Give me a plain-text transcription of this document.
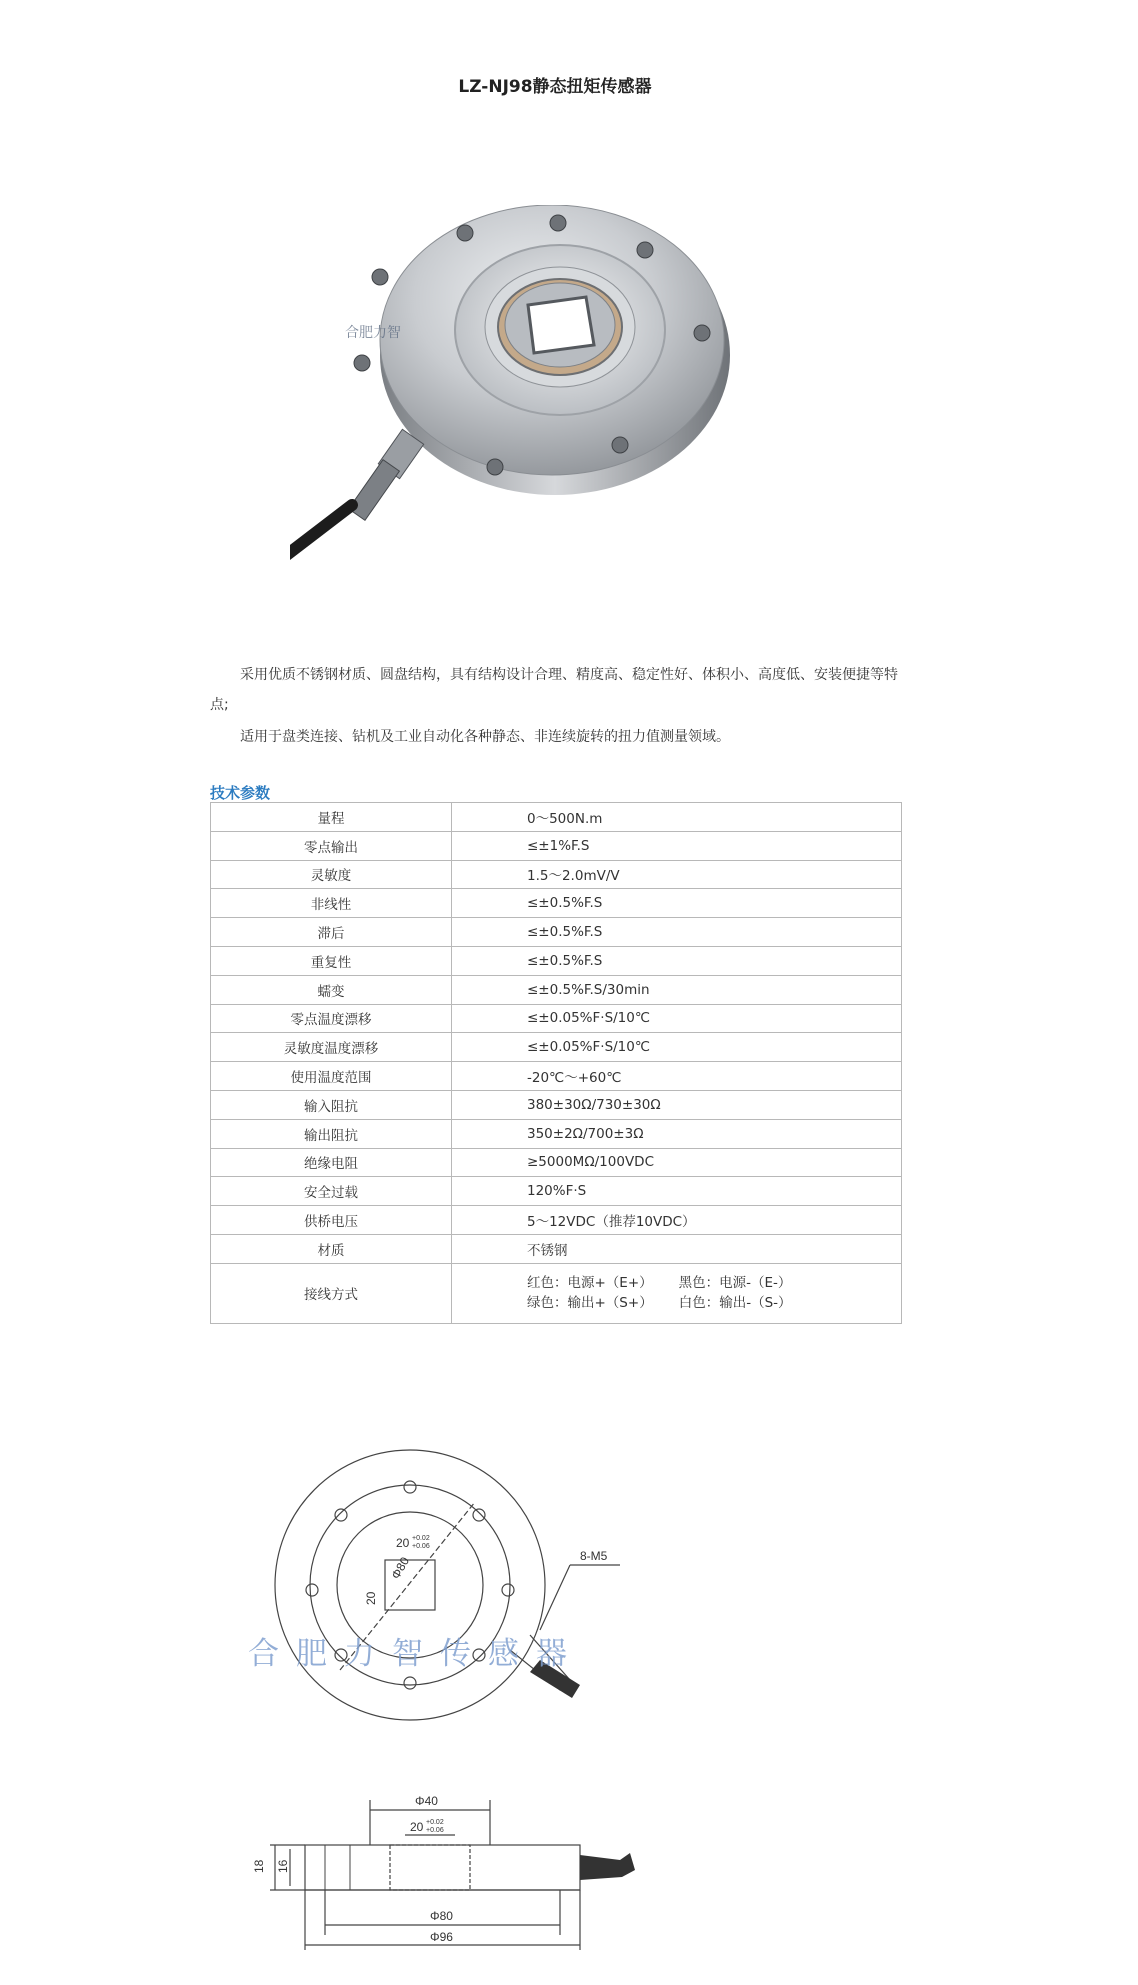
LZ-NJ98静态扭矩传感器
合肥力智
采用优质不锈钢材质、圆盘结构，具有结构设计合理、精度高、稳定性好、体积小、高度低、安装便捷等特点;
适用于盘类连接、钻机及工业自动化各种静态、非连续旋转的扭力值测量领域。
技术参数
量程	0～500N.m
零点输出	≤±1%F.S
灵敏度	1.5～2.0mV/V
非线性	≤±0.5%F.S
滞后	≤±0.5%F.S
重复性	≤±0.5%F.S
蠕变	≤±0.5%F.S/30min
零点温度漂移	≤±0.05%F·S/10℃
灵敏度温度漂移	≤±0.05%F·S/10℃
使用温度范围	-20℃～+60℃
输入阻抗	380±30Ω/730±30Ω
输出阻抗	350±2Ω/700±3Ω
绝缘电阻	≥5000MΩ/100VDC
安全过载	120%F·S
供桥电压	5～12VDC（推荐10VDC）
材质	不锈钢
接线方式	红色：电源+（E+） 黑色：电源-（E-）
绿色：输出+（S+） 白色：输出-（S-）
20 +0.02
+0.06
20
Φ80	8-M5
合肥力智传感器
Φ40
20 +0.02
+0.06
18 16
Φ80
Φ96
